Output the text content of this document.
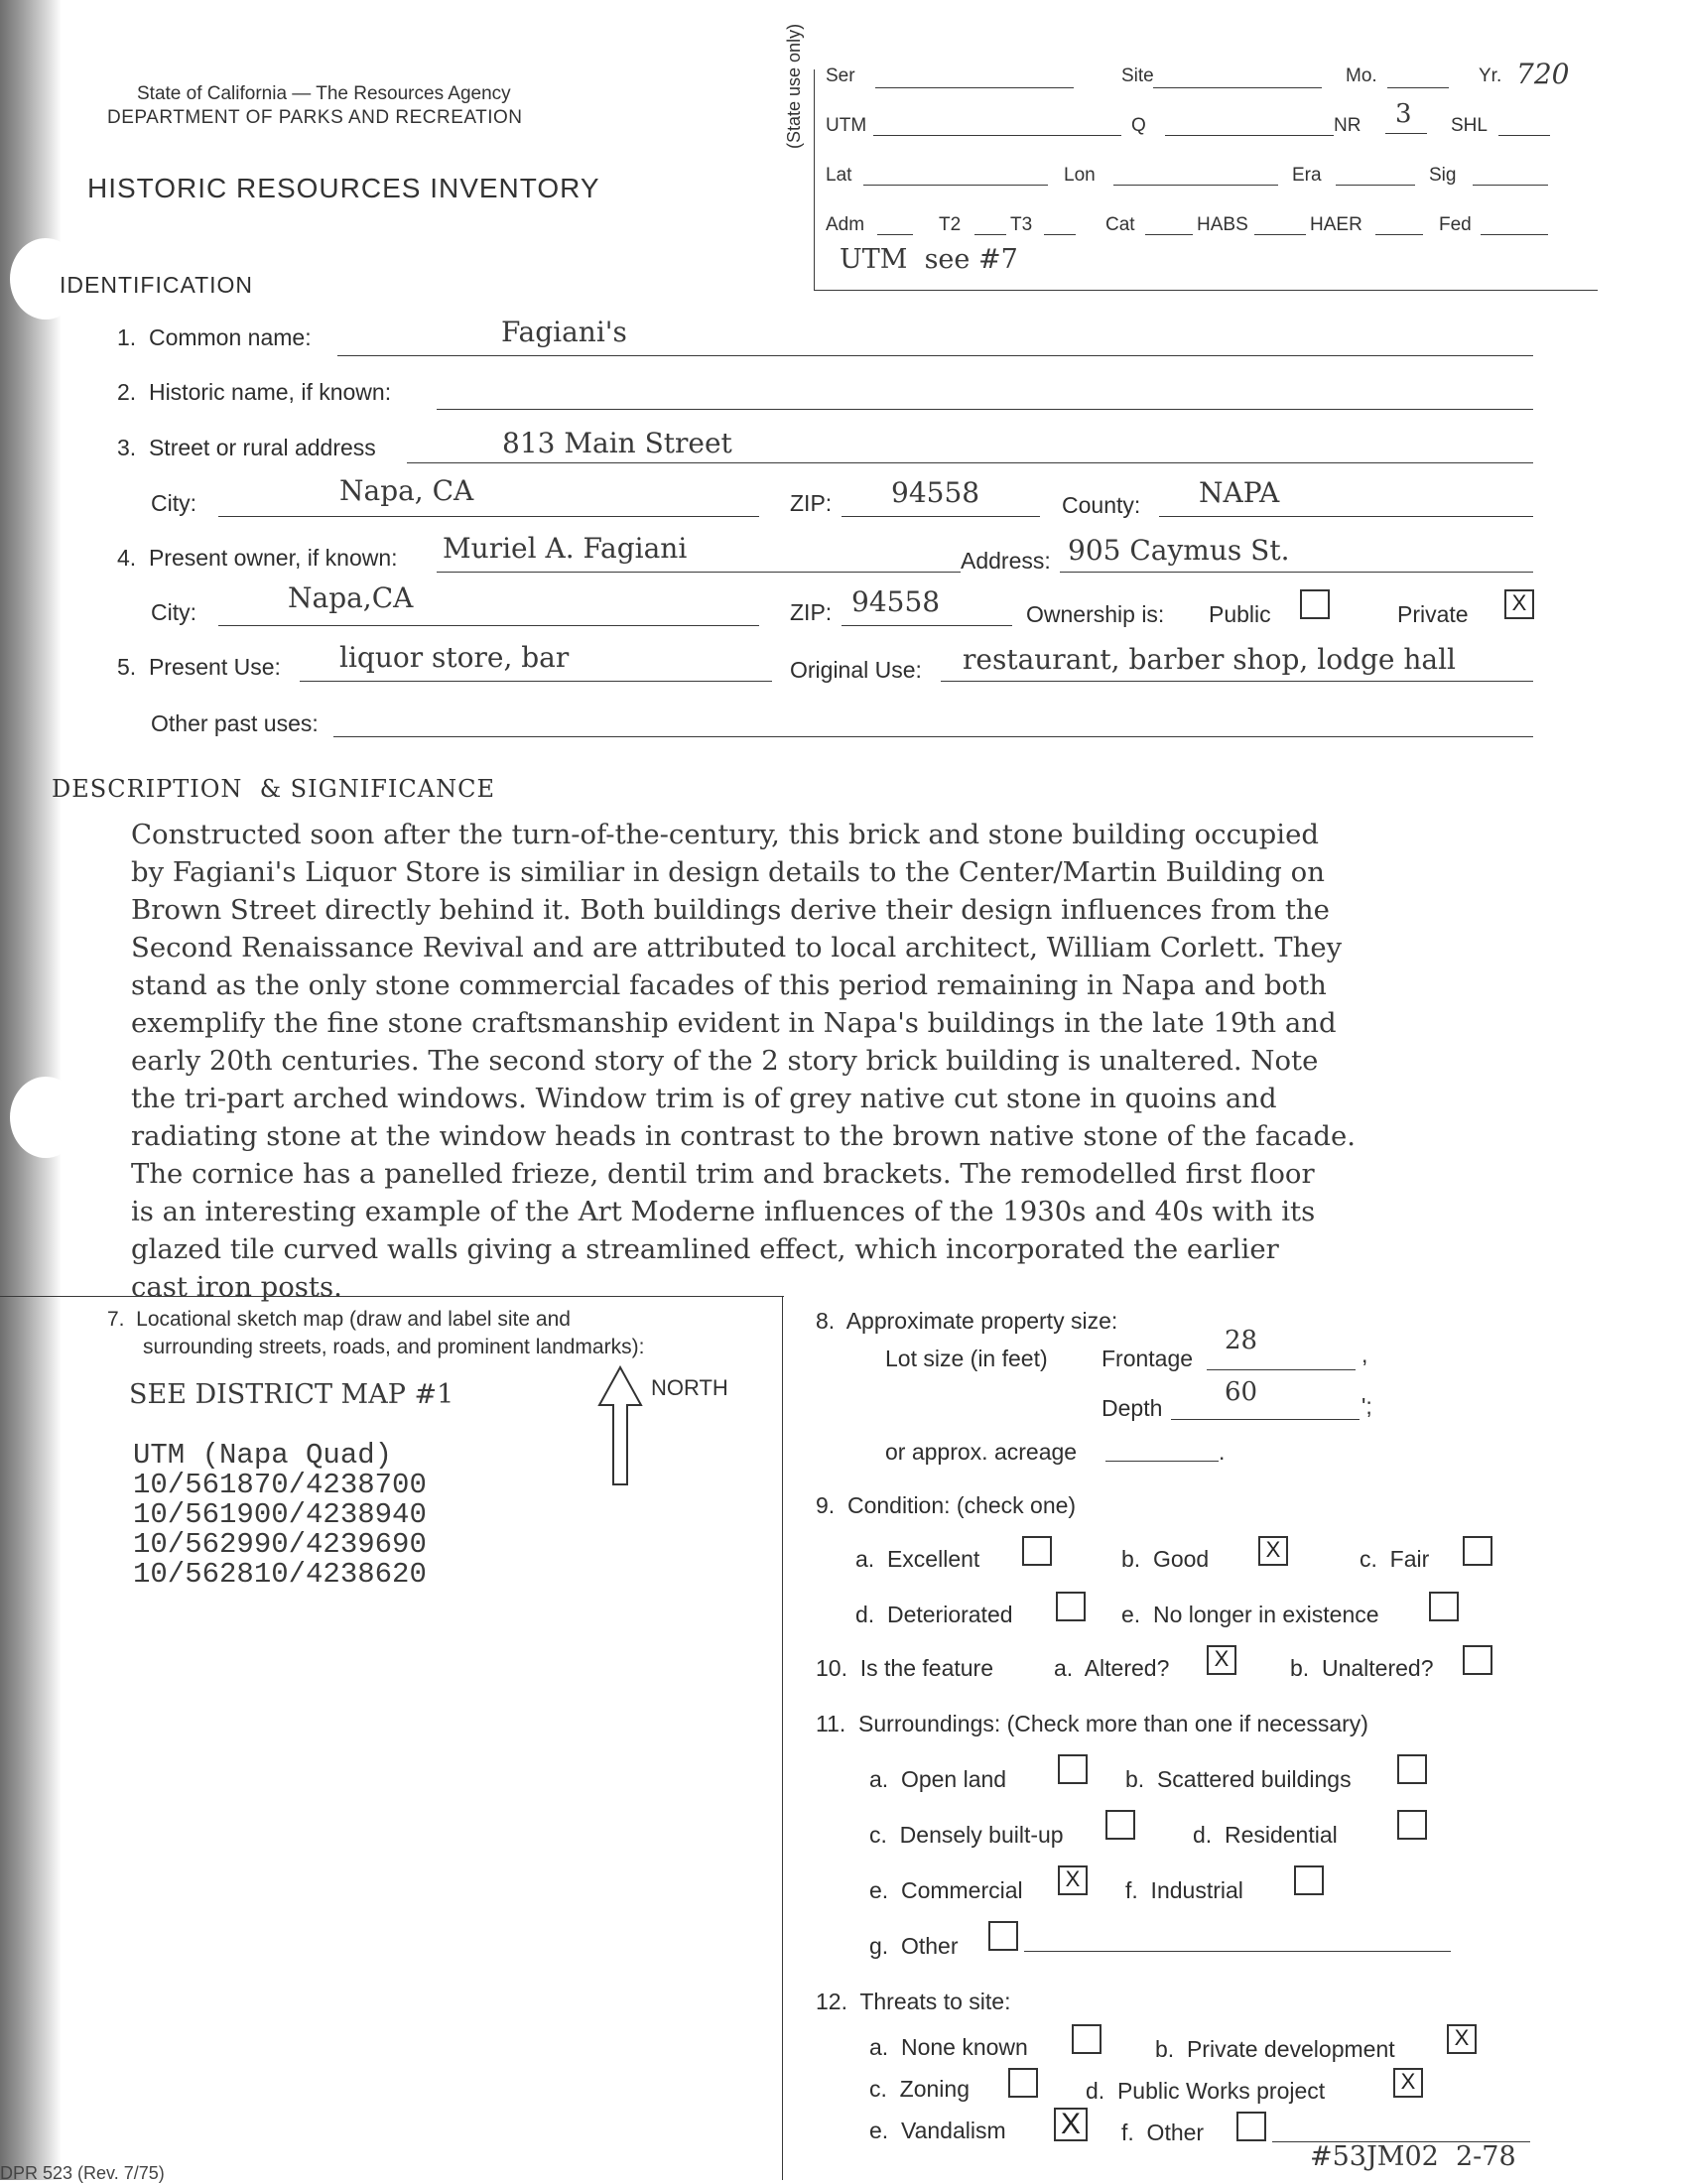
State of California — The Resources Agency
DEPARTMENT OF PARKS AND RECREATION
HISTORIC RESOURCES INVENTORY
(State use only) Ser	Site	Mo.	Yr. 720
UTM	Q	NR 3 SHL
Lat	Lon	Era	Sig
Adm	T2	T3	Cat	HABS	HAER	Fed
UTM  see #7
IDENTIFICATION
1.  Common name:	Fagiani's
2.  Historic name, if known:
3.  Street or rural address	813 Main Street
City:	Napa, CA	ZIP: 94558	County: NAPA
4.  Present owner, if known: Muriel A. Fagiani	Address: 905 Caymus St.
City:	Napa,CA	ZIP: 94558	Ownership is: Public	Private	X
5.  Present Use: liquor store, bar	Original Use: restaurant, barber shop, lodge hall
Other past uses:
DESCRIPTION  & SIGNIFICANCE

Constructed soon after the turn-of-the-century, this brick and stone building occupied

by Fagiani's Liquor Store is similiar in design details to the Center/Martin Building on

Brown Street directly behind it. Both buildings derive their design influences from the

Second Renaissance Revival and are attributed to local architect, William Corlett. They

stand as the only stone commercial facades of this period remaining in Napa and both

exemplify the fine stone craftsmanship evident in Napa's buildings in the late 19th and

early 20th centuries. The second story of the 2 story brick building is unaltered. Note

the tri-part arched windows. Window trim is of grey native cut stone in quoins and

radiating stone at the window heads in contrast to the brown native stone of the facade.

The cornice has a panelled frieze, dentil trim and brackets. The remodelled first floor

is an interesting example of the Art Moderne influences of the 1930s and 40s with its

glazed tile curved walls giving a streamlined effect, which incorporated the earlier

cast iron posts.

7.  Locational sketch map (draw and label site and
surrounding streets, roads, and prominent landmarks):
SEE DISTRICT MAP #1	NORTH
UTM (Napa Quad)
10/561870/4238700
10/561900/4238940
10/562990/4239690
10/562810/4238620
8.  Approximate property size:
Lot size (in feet) Frontage
28	,
Depth
60	';
or approx. acreage	.
9.  Condition: (check one)
a.  Excellent	b.  Good	X	c.  Fair
d.  Deteriorated	e.  No longer in existence
10.  Is the feature	a.  Altered?	X	b.  Unaltered?
11.  Surroundings: (Check more than one if necessary)
a.  Open land	b.  Scattered buildings
c.  Densely built-up	d.  Residential
e.  Commercial	X	f.  Industrial
g.  Other
12.  Threats to site:
a.  None known	b.  Private development	X
c.  Zoning	d.  Public Works project	X
e.  Vandalism X	f.  Other
DPR 523 (Rev. 7/75)
#53JM02  2-78
